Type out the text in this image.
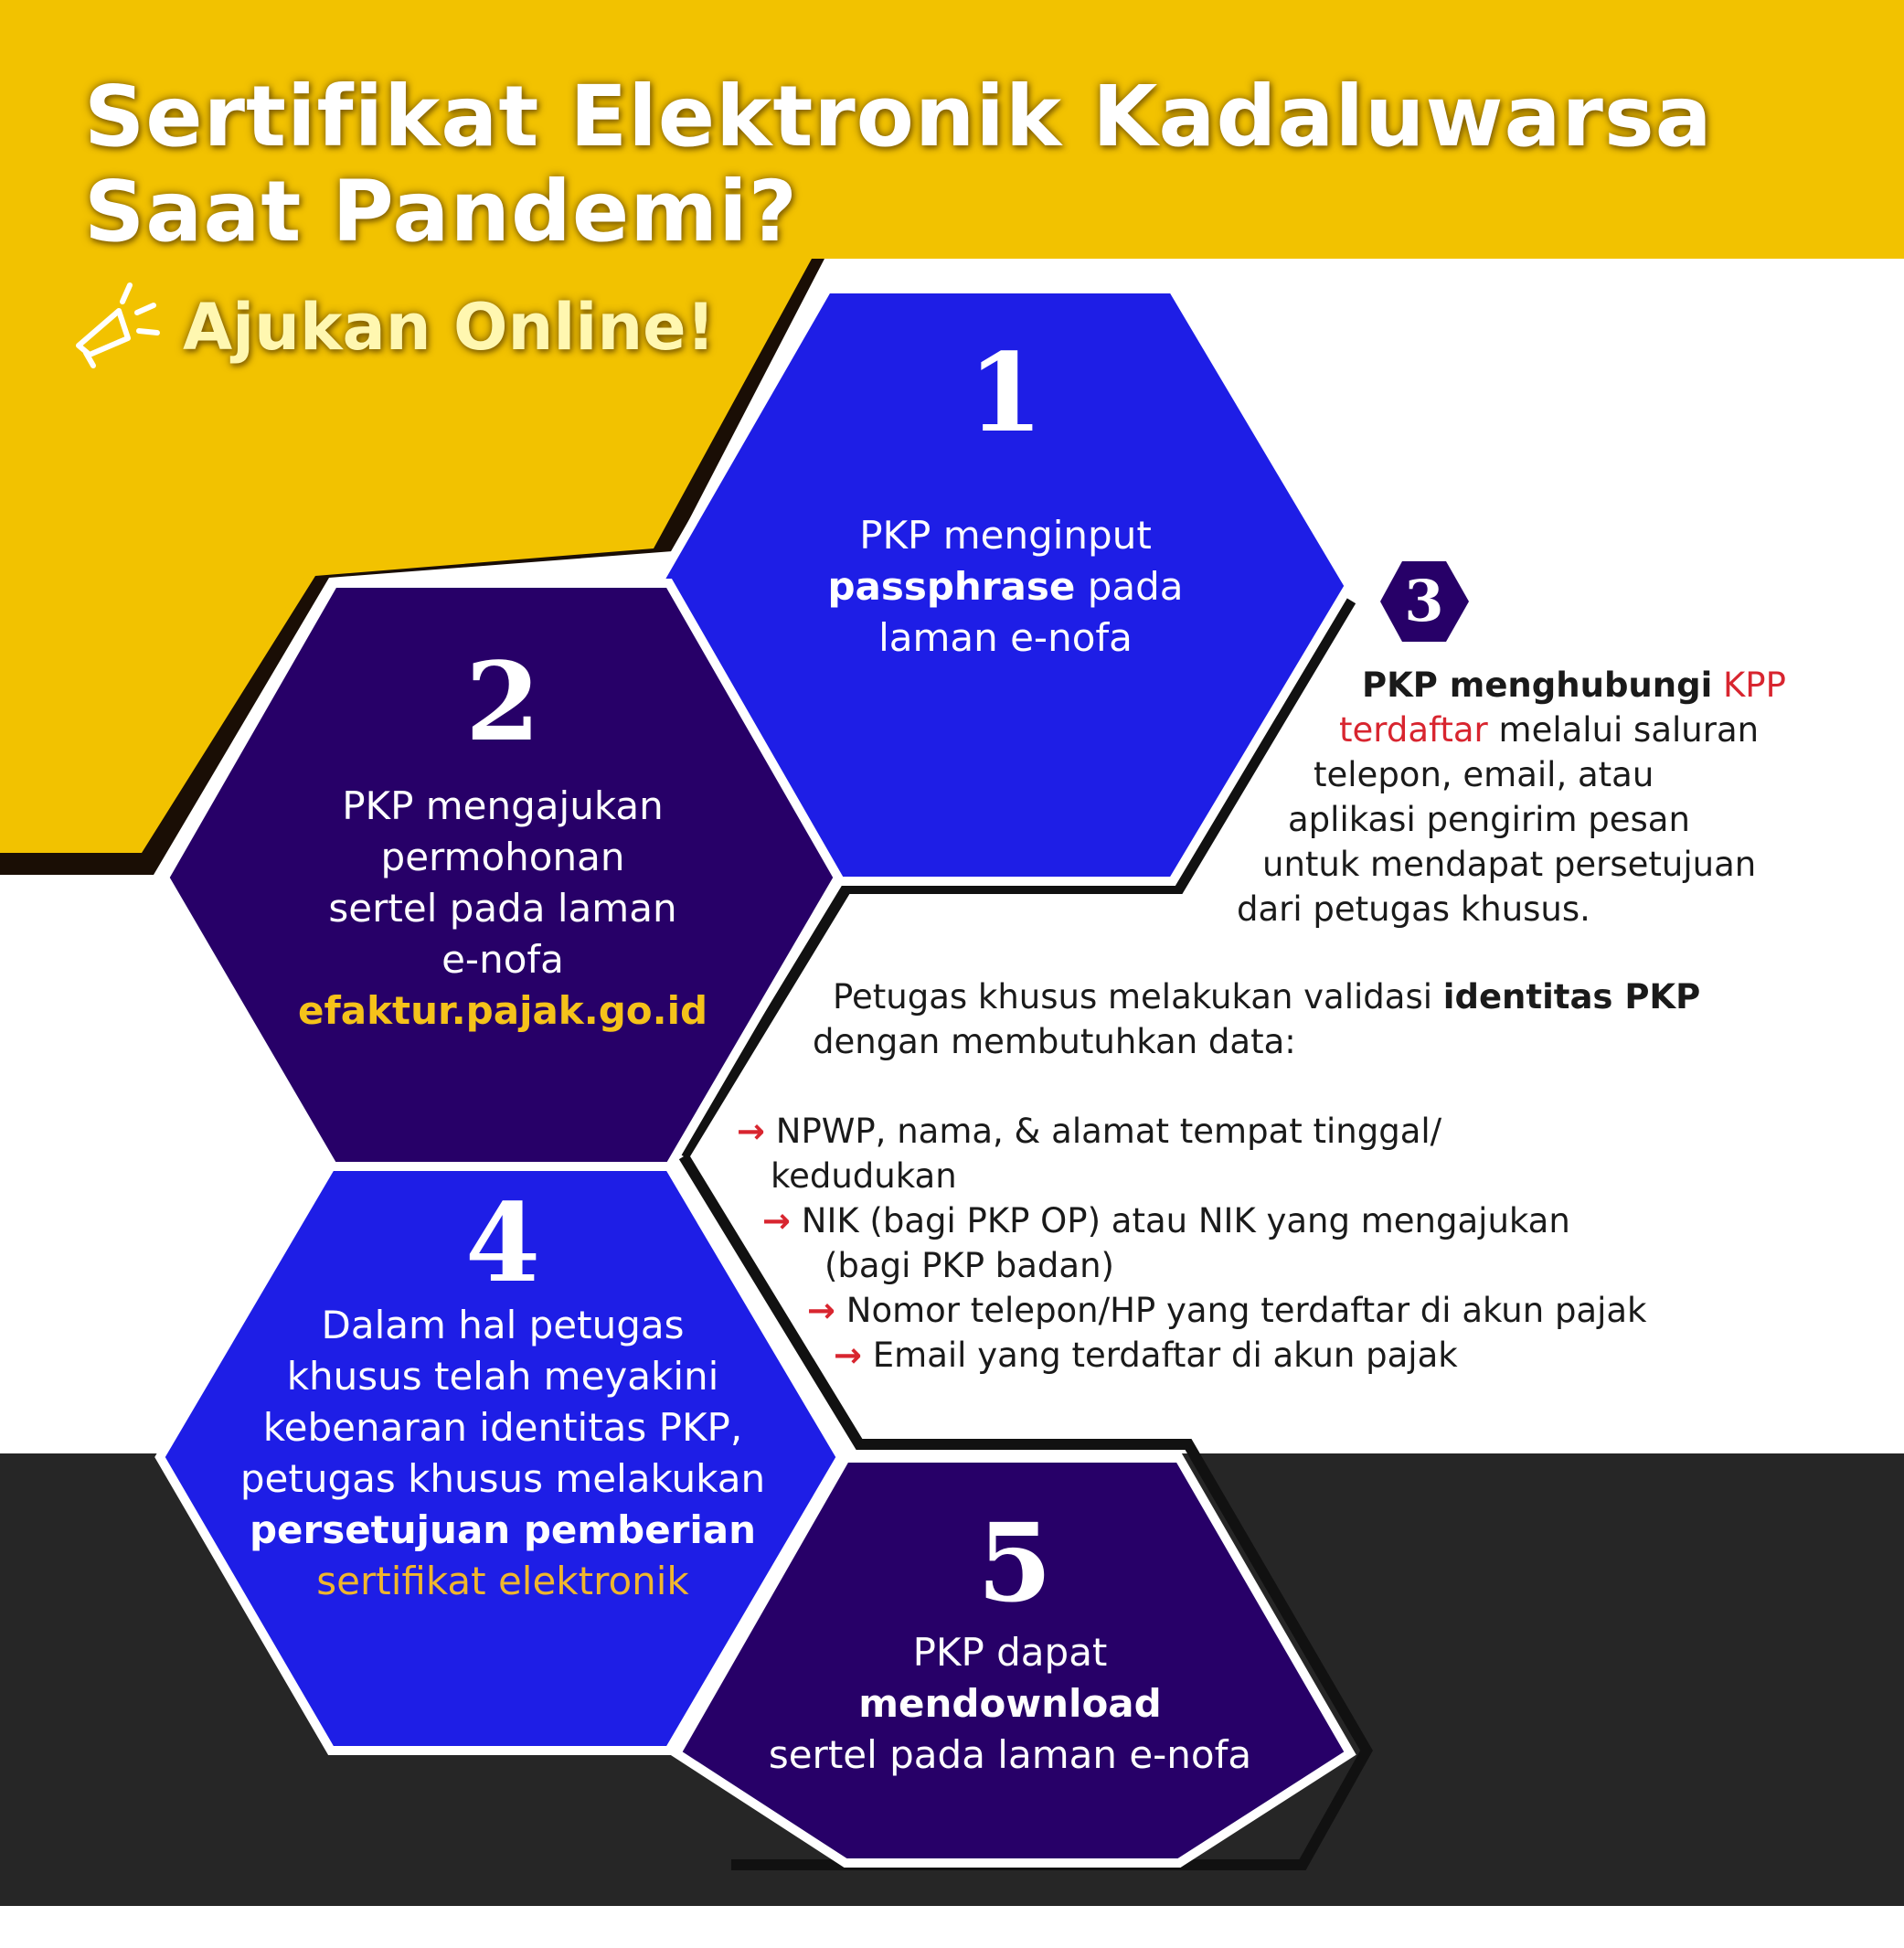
Sertifikat Elektronik Kadaluwarsa
Saat Pandemi?
Ajukan Online!
1
PKP menginput
passphrase pada
laman e-nofa
2
PKP mengajukan
permohonan
sertel pada laman
e-nofa
efaktur.pajak.go.id
3
PKP menghubungi KPP
terdaftar melalui saluran
telepon, email, atau
aplikasi pengirim pesan
untuk mendapat persetujuan
dari petugas khusus.
Petugas khusus melakukan validasi identitas PKP
dengan membutuhkan data:
→ NPWP, nama, & alamat tempat tinggal/
kedudukan
→ NIK (bagi PKP OP) atau NIK yang mengajukan
(bagi PKP badan)
→ Nomor telepon/HP yang terdaftar di akun pajak
→ Email yang terdaftar di akun pajak
4
Dalam hal petugas
khusus telah meyakini
kebenaran identitas PKP,
petugas khusus melakukan
persetujuan pemberian
sertifikat elektronik	5
PKP dapat
mendownload
sertel pada laman e-nofa
